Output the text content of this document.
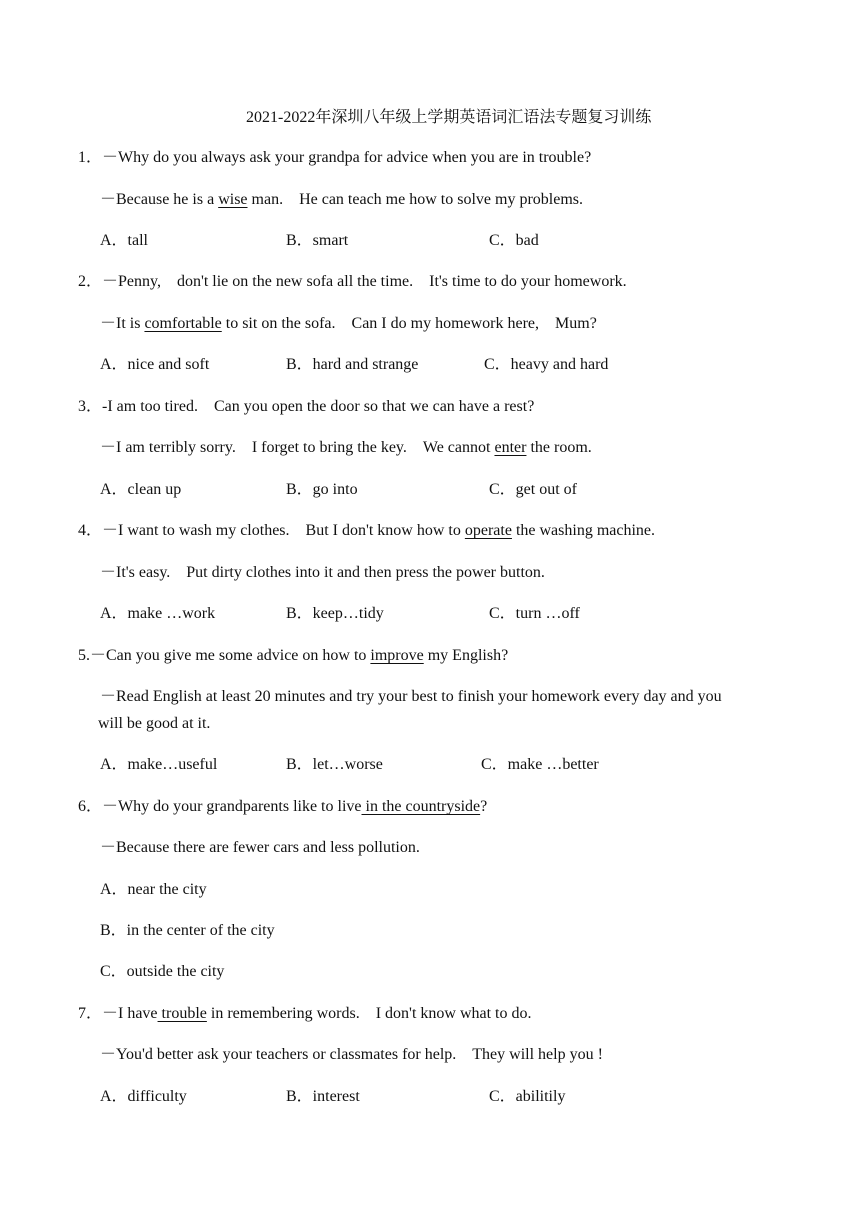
2021-2022年深圳八年级上学期英语词汇语法专题复习训练
1．－Why do you always ask your grandpa for advice when you are in trouble?
－Because he is a wise man.　He can teach me how to solve my problems.
A．tall	B．smart	C．bad
2．－Penny,　don't lie on the new sofa all the time.　It's time to do your homework.
－It is comfortable to sit on the sofa.　Can I do my homework here,　Mum?
A．nice and soft	B．hard and strange	C．heavy and hard
3．-I am too tired.　Can you open the door so that we can have a rest?
－I am terribly sorry.　I forget to bring the key.　We cannot enter the room.
A．clean up	B．go into	C．get out of
4．－I want to wash my clothes.　But I don't know how to operate the washing machine.
－It's easy.　Put dirty clothes into it and then press the power button.
A．make …work	B．keep…tidy	C．turn …off
5.－Can you give me some advice on how to improve my English?
－Read English at least 20 minutes and try your best to finish your homework every day and you
will be good at it.
A．make…useful	B．let…worse	C．make …better
6．－Why do your grandparents like to live in the countryside?
－Because there are fewer cars and less pollution.
A．near the city
B．in the center of the city
C．outside the city
7．－I have trouble in remembering words.　I don't know what to do.
－You'd better ask your teachers or classmates for help.　They will help you !
A．difficulty	B．interest	C．abilitily
